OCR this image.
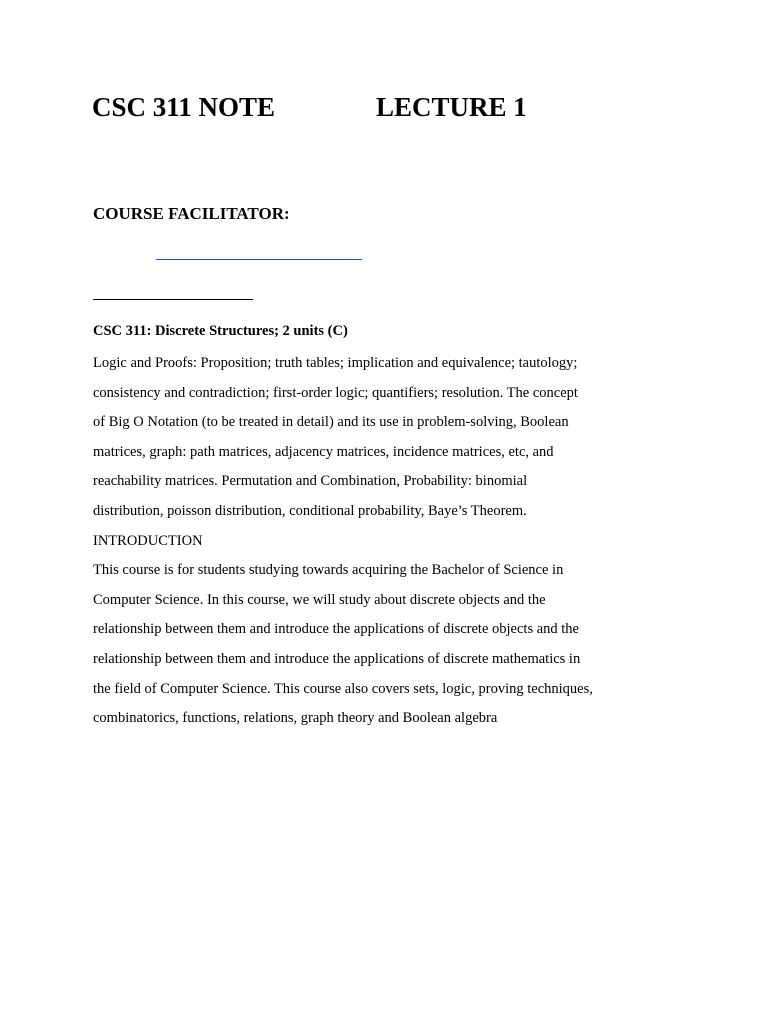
CSC 311 NOTE	LECTURE 1
COURSE FACILITATOR:
CSC 311: Discrete Structures; 2 units (C)
Logic and Proofs: Proposition; truth tables; implication and equivalence; tautology;
consistency and contradiction; first-order logic; quantifiers; resolution. The concept
of Big O Notation (to be treated in detail) and its use in problem-solving, Boolean
matrices, graph: path matrices, adjacency matrices, incidence matrices, etc, and
reachability matrices. Permutation and Combination, Probability: binomial
distribution, poisson distribution, conditional probability, Baye’s Theorem.
INTRODUCTION
This course is for students studying towards acquiring the Bachelor of Science in
Computer Science. In this course, we will study about discrete objects and the
relationship between them and introduce the applications of discrete objects and the
relationship between them and introduce the applications of discrete mathematics in
the field of Computer Science. This course also covers sets, logic, proving techniques,
combinatorics, functions, relations, graph theory and Boolean algebra
